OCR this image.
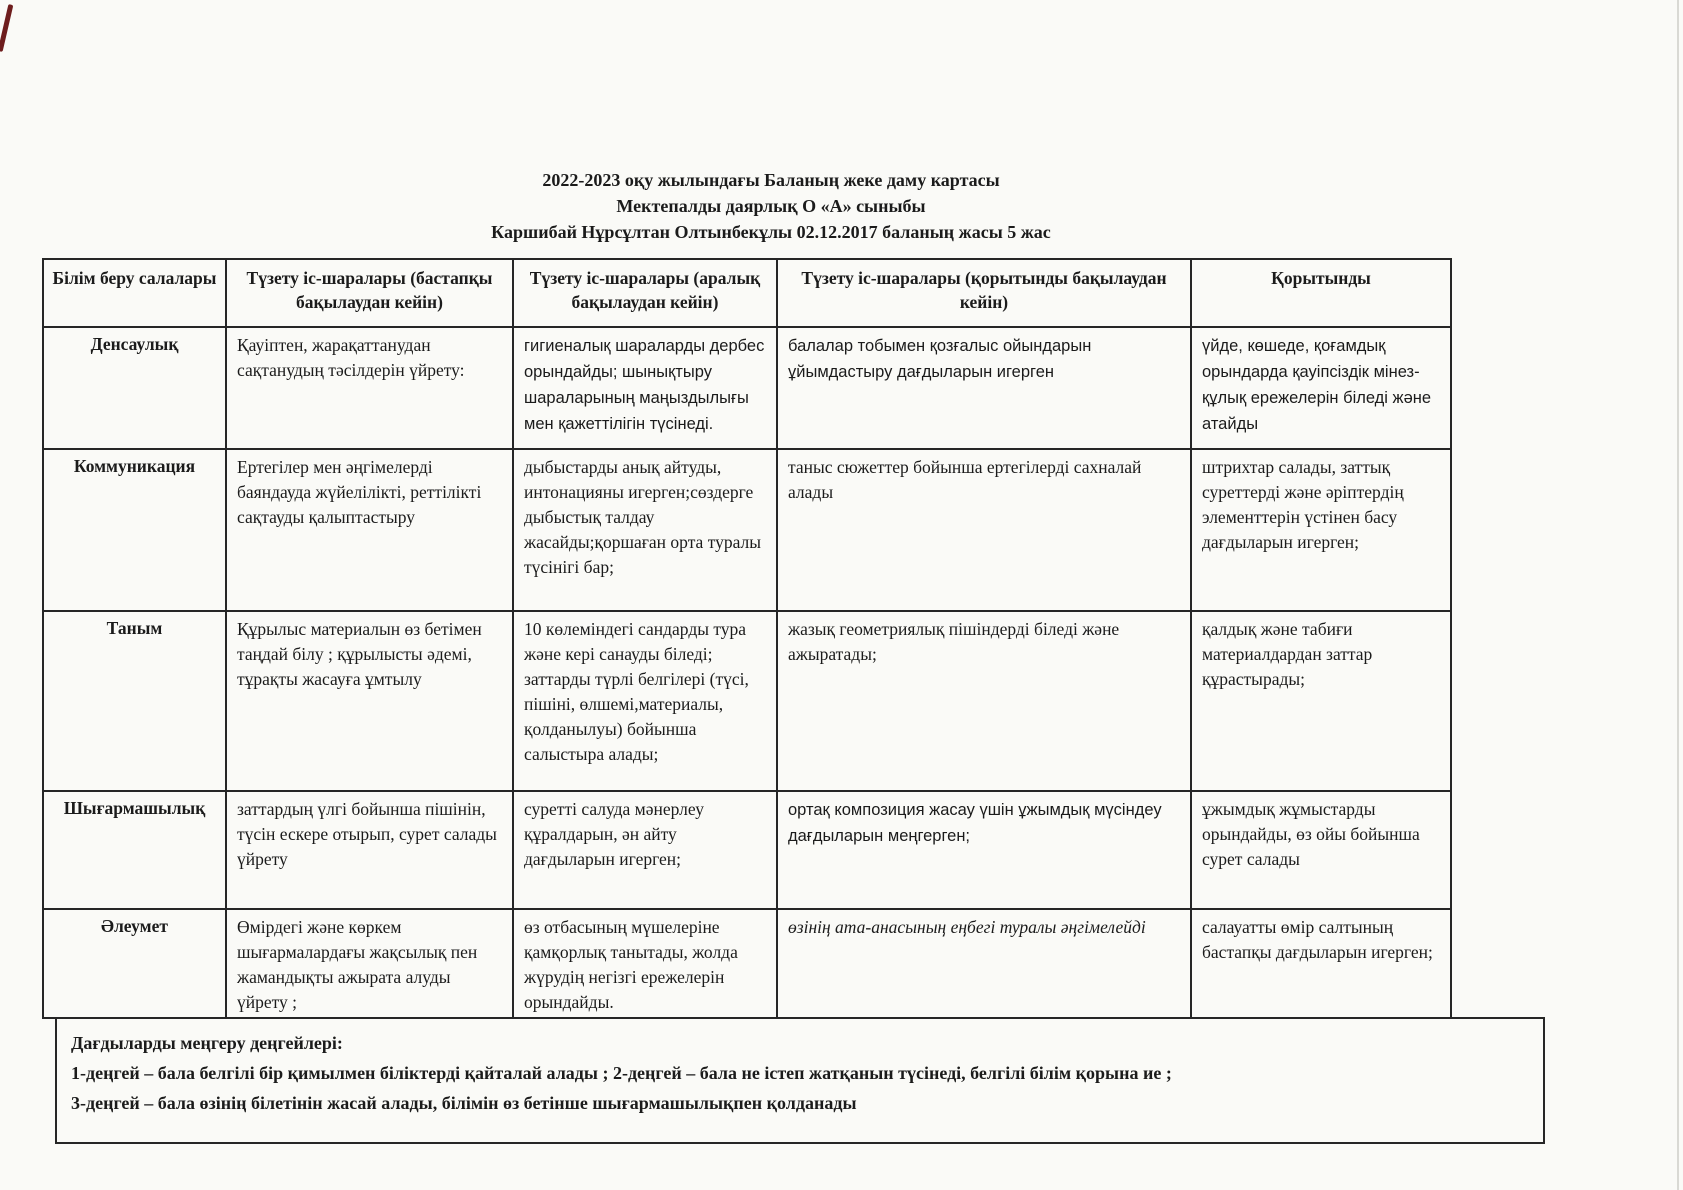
2022-2023 оқу жылындағы Баланың жеке даму картасы
Мектепалды даярлық О «А» сыныбы
Каршибай Нұрсұлтан Олтынбекұлы 02.12.2017 баланың жасы 5 жас
Білім беру салалары	Түзету іс-шаралары (бастапқы бақылаудан кейін)	Түзету іс-шаралары (аралық бақылаудан кейін)	Түзету іс-шаралары (қорытынды бақылаудан кейін)	Қорытынды
Денсаулық	Қауіптен, жарақаттанудан сақтанудың тәсілдерін үйрету:	гигиеналық шараларды дербес орындайды; шынықтыру шараларының маңыздылығы мен қажеттілігін түсінеді.	балалар тобымен қозғалыс ойындарын ұйымдастыру дағдыларын игерген	үйде, көшеде, қоғамдық орындарда қауіпсіздік мінез-құлық ережелерін біледі және атайды
Коммуникация	Ертегілер мен әңгімелерді баяндауда жүйелілікті, реттілікті сақтауды қалыптастыру	дыбыстарды анық айтуды, интонацияны игерген;сөздерге дыбыстық талдау жасайды;қоршаған орта туралы түсінігі бар;	таныс сюжеттер бойынша ертегілерді сахналай алады	штрихтар салады, заттық суреттерді және әріптердің элементтерін үстінен басу дағдыларын игерген;
Таным	Құрылыс материалын өз бетімен таңдай білу ; құрылысты әдемі, тұрақты жасауға ұмтылу	10 көлеміндегі сандарды тура және кері санауды біледі; заттарды түрлі белгілері (түсі, пішіні, өлшемі,материалы, қолданылуы) бойынша салыстыра алады;	жазық геометриялық пішіндерді біледі және ажыратады;	қалдық және табиғи материалдардан заттар құрастырады;
Шығармашылық	заттардың үлгі бойынша пішінін, түсін ескере отырып, сурет салады үйрету	суретті салуда мәнерлеу құралдарын, ән айту дағдыларын игерген;	ортақ композиция жасау үшін ұжымдық мүсіндеу дағдыларын меңгерген;	ұжымдық жұмыстарды орындайды, өз ойы бойынша сурет салады
Әлеумет	Өмірдегі және көркем шығармалардағы жақсылық пен жамандықты ажырата алуды үйрету ;	өз отбасының мүшелеріне қамқорлық танытады, жолда жүрудің негізгі ережелерін орындайды.	өзінің ата-анасының еңбегі туралы әңгімелейді	салауатты өмір салтының бастапқы дағдыларын игерген;
Дағдыларды меңгеру деңгейлері:
1-деңгей – бала белгілі бір қимылмен біліктерді қайталай алады ; 2-деңгей – бала не істеп жатқанын түсінеді, белгілі білім қорына ие ;
3-деңгей – бала өзінің білетінін жасай алады, білімін өз бетінше шығармашылықпен қолданады
